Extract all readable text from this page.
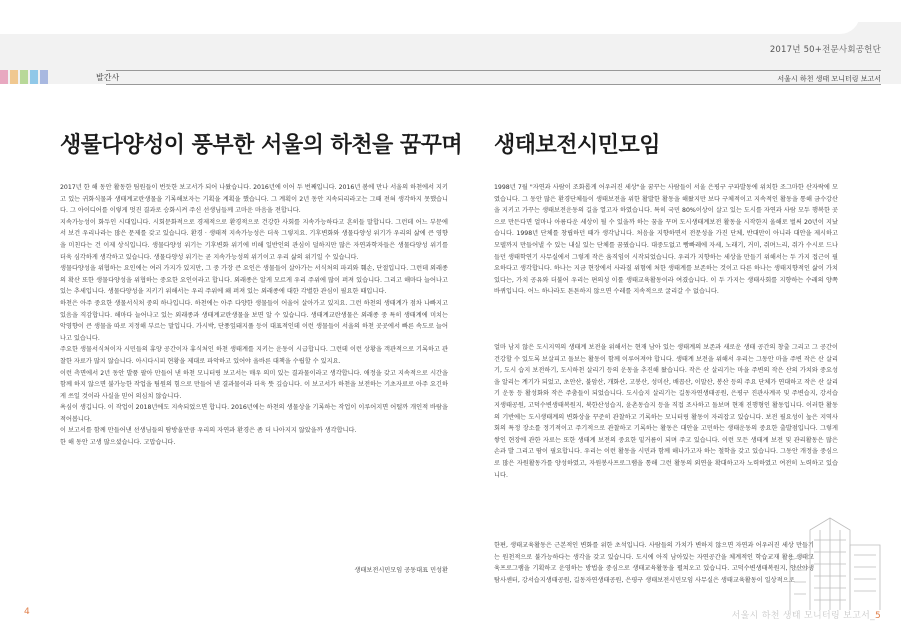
2017년 50+전문사회공헌단
서울시 하천 생태 모니터링 보고서
발간사
생물다양성이 풍부한 서울의 하천을 꿈꾸며 생태보전시민모임

2017년 한 해 동안 활동한 팀원들이 번듯한 보고서가 되어 나왔습니다. 2016년에 이어 두 번째입니다. 2016년 봄에 만나 서울의 하천에서 지키고 있는 귀화식물과 생태계교란생물을 기록해보자는 기획을 계획을 했습니다. 그 계획이 2년 동안 지속되리라고는 그때 전혀 생각하지 못했습니다. 그 아이디어를 이렇게 멋진 결과로 승화시켜 주신 선생님들께 고마운 마음을 전합니다.

지속가능성이 화두인 시대입니다. 시회문화적으로 경제적으로 환경적으로 건강한 사회를 지속가능하다고 흔히들 말합니다. 그런데 어느 부문에서 보건 우리나라는 많은 문제를 갖고 있습니다. 환경 · 생태적 지속가능성은 더욱 그렇지요. 기후변화와 생물다양성 위기가 우리의 삶에 큰 영향을 미친다는 건 이제 상식입니다. 생물다양성 위기는 기후변화 위기에 비해 일반인의 관심이 덜하지만 많은 자연과학자들은 생물다양성 위기를 더욱 심각하게 생각하고 있습니다. 생물다양성 위기는 곧 지속가능성의 위기이고 우리 삶의 위기일 수 있습니다.

생물다양성을 위협하는 요인에는 여러 가지가 있지만, 그 중 가장 큰 요인은 생물들이 살아가는 서식처의 파괴와 훼손, 단절입니다. 그런데 외래종의 확산 또한 생물다양성을 위협하는 중요한 요인이라고 합니다. 외래종은 알게 모르게 우리 주위에 많이 퍼져 있습니다. 그리고 해마다 늘어나고 있는 추세입니다. 생물다양성을 지키기 위해서는 우리 주위에 왜 퍼져 있는 외래종에 대한 각별한 관심이 필요한 때입니다.

하천은 아주 중요한 생물서식처 중의 하나입니다. 하천에는 아주 다양한 생물들이 어울어 살아가고 있지요. 그런 하천의 생태계가 점차 나빠지고 있음을 직감합니다. 해마다 늘어나고 있는 외래종과 생태계교란생물을 보면 알 수 있습니다. 생태계교란생물은 외래종 중 특히 생태계에 미치는 악영향이 큰 생물을 따로 지정해 부르는 말입니다. 가시박, 단풍잎돼지풀 등이 대표적인데 이런 생물들이 서울의 하천 곳곳에서 빠른 속도로 늘어나고 있습니다.

주요한 생물서식처이자 시민들의 휴양 공간이자 휴식처인 하천 생태계를 지키는 운동이 시급합니다. 그런데 이런 상황을 객관적으로 기록하고 관찰한 자료가 많지 않습니다. 아시다시피 현황을 제대로 파악하고 있어야 올바른 대책을 수립할 수 있지요.

이런 측면에서 2년 동안 발품 팔아 만들어 낸 하천 모니터링 보고서는 매우 의미 있는 결과물이라고 생각합니다. 애정을 갖고 지속적으로 시간을 함께 하지 않으면 불가능한 작업을 팀원의 힘으로 만들어 낸 결과물이라 더욱 뜻 깊습니다. 이 보고서가 하천을 보전하는 기초자료로 아주 요긴하게 쓰일 것이라 사실을 믿어 의심치 않습니다.

욕심이 생깁니다. 이 작업이 2018년에도 지속되었으면 합니다. 2016년에는 하천의 생물상을 기록하는 작업이 이루어지면 어떨까 개인적 바람을 적어봅니다.

이 보고서를 함께 만들어낸 선생님들의 땀방울만큼 우리의 자연과 환경은 좀 더 나아지지 않았을까 생각합니다.

한 해 동안 고생 많으셨습니다. 고맙습니다.

생태보전시민모임 공동대표 민성환

1998년 7월 "자연과 사람이 조화롭게 어우러진 세상"을 꿈꾸는 사람들이 서울 은평구 구파발동에 위치한 조그마한 산자락에 모였습니다. 그 동안 많은 환경단체들이 생태보전을 위한 활발한 활동을 해왔지만 보다 구체적이고 지속적인 활동을 통해 금수강산을 지키고 가꾸는 생태보전운동의 길을 열고자 하였습니다. 특히 국민 80%이상이 살고 있는 도시를 자연과 사람 모두 행복한 곳으로 만든다면 얼마나 아름다운 세상이 될 수 있을까 하는 꿈을 꾸며 도시생태계보전 활동을 시작한지 올해로 벌써 20년이 지났습니다. 1998년 단체를 창립하던 때가 생각납니다. 처음을 지향하면서 전문성을 가진 단체, 반대만이 아니라 대안을 제시하고 모델까지 만들어낼 수 있는 내실 있는 단체를 꿈꿨습니다. 대중도없고 빵빠레에 자세, 노래기, 거미, 쥐며느리, 쥐가 수시로 드나들던 생태학연기 사무실에서 그렇게 작은 움직임이 시작되었습니다. 우리가 지향하는 세상을 만들기 위해서는 두 가지 접근이 필요하다고 생각합니다. 하나는 지금 현장에서 사라질 위험에 처한 생태계를 보존하는 것이고 다른 하나는 생태지향적인 삶이 가치 있다는, 가치 공유와 더불어 우리는 편의성 이룰 생태교육활동이라 여겼습니다. 이 두 가지는 생태사회를 지향하는 수레의 양쪽 바퀴입니다. 어느 하나라도 튼튼하지 않으면 수레를 지속적으로 굴리갈 수 없습니다.

얼마 남지 않은 도시지역의 생태계 보전을 위해서는 현재 남아 있는 생태계의 보존과 새로운 생태 공간의 창출 그리고 그 공간이 건강할 수 있도록 보살피고 돌보는 활동이 함께 이루어져야 합니다. 생태계 보전을 위해서 우리는 그동안 마을 주변 작은 산 살리기, 도시 습지 보전하기, 도시하천 살리기 등의 운동을 추진해 왔습니다. 작은 산 살리기는 마을 주변의 작은 산의 가치와 중요성을 알리는 계기가 되었고, 초안산, 불암산, 개화산, 고봉산, 성미산, 배꼽산, 이말산, 봉산 등의 주요 단체가 연대하고 작은 산 살리기 운동 등 활성화와 작은 주춤들이 되었습니다. 도시습지 살리기는 길동자연생태공원, 은평구 진관사계곡 및 주변습지, 강서습지생태공원, 고덕수변생태복원지, 북한산성습지, 윤촌동습지 등을 직접 조사하고 돌보며 현재 진행형인 활동입니다. 이러한 활동의 기반에는 도시생태계의 변화상을 꾸준히 관찰하고 기록하는 모니터링 활동이 자리잡고 있습니다. 보전 필요성이 높은 지역사회의 특정 장소를 정기적이고 주기적으로 관찰하고 기록하는 활동은 대안을 고민하는 생태운동의 중요한 출발점입니다. 그렇게 쌓인 현장에 관한 자료는 또한 생태계 보전의 중요한 밑거름이 되며 주고 있습니다. 이런 모든 생태계 보전 및 관리활동은 많은 손과 발 그리고 땀이 필요합니다. 우리는 이런 활동을 시민과 함께 해나가고자 하는 철학을 갖고 있습니다. 그동안 개정을 중심으로 많은 자원활동가를 양성하였고, 자원봉사프로그램을 통해 그런 활동의 외연을 확대하고자 노력하였고 여전히 노력하고 있습니다.

한편, 생태교육활동은 근본적인 변화를 위한 초석입니다. 사람들의 가치가 변하지 않으면 자연과 어우러진 세상 만들기는 원천적으로 불가능하다는 생각을 갖고 있습니다. 도시에 아직 남아있는 자연공간을 체계적인 학습교재 활용 생태교육프로그램을 기획하고 운영하는 방법을 중심으로 생태교육활동을 펼쳐오고 있습니다. 고덕수변생태복원지, 양산야생탐사센터, 강서습지생태공원, 길동자연생태공원, 은평구 생태보전시민모임 사무실은 생태교육활동이 일상적으로

4	서울시 하천 생태 모니터링 보고서_5
